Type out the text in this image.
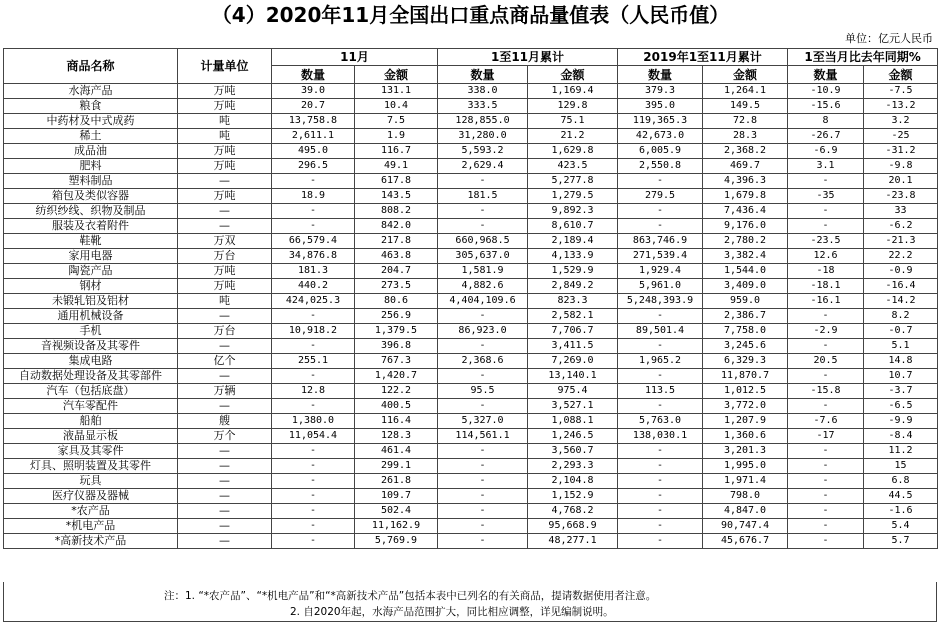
（4）2020年11月全国出口重点商品量值表（人民币值）
单位：亿元人民币
商品名称	计量单位	11月		1至11月累计		2019年1至11月累计		1至当月比去年同期%	
		数量	金额	数量	金额	数量	金额	数量	金额
水海产品	万吨	39.0	131.1	338.0	1,169.4	379.3	1,264.1	-10.9	-7.5
粮食	万吨	20.7	10.4	333.5	129.8	395.0	149.5	-15.6	-13.2
中药材及中式成药	吨	13,758.8	7.5	128,855.0	75.1	119,365.3	72.8	8	3.2
稀土	吨	2,611.1	1.9	31,280.0	21.2	42,673.0	28.3	-26.7	-25
成品油	万吨	495.0	116.7	5,593.2	1,629.8	6,005.9	2,368.2	-6.9	-31.2
肥料	万吨	296.5	49.1	2,629.4	423.5	2,550.8	469.7	3.1	-9.8
塑料制品	—	-	617.8	-	5,277.8	-	4,396.3	-	20.1
箱包及类似容器	万吨	18.9	143.5	181.5	1,279.5	279.5	1,679.8	-35	-23.8
纺织纱线、织物及制品	—	-	808.2	-	9,892.3	-	7,436.4	-	33
服装及衣着附件	—	-	842.0	-	8,610.7	-	9,176.0	-	-6.2
鞋靴	万双	66,579.4	217.8	660,968.5	2,189.4	863,746.9	2,780.2	-23.5	-21.3
家用电器	万台	34,876.8	463.8	305,637.0	4,133.9	271,539.4	3,382.4	12.6	22.2
陶瓷产品	万吨	181.3	204.7	1,581.9	1,529.9	1,929.4	1,544.0	-18	-0.9
钢材	万吨	440.2	273.5	4,882.6	2,849.2	5,961.0	3,409.0	-18.1	-16.4
未锻轧铝及铝材	吨	424,025.3	80.6	4,404,109.6	823.3	5,248,393.9	959.0	-16.1	-14.2
通用机械设备	—	-	256.9	-	2,582.1	-	2,386.7	-	8.2
手机	万台	10,918.2	1,379.5	86,923.0	7,706.7	89,501.4	7,758.0	-2.9	-0.7
音视频设备及其零件	—	-	396.8	-	3,411.5	-	3,245.6	-	5.1
集成电路	亿个	255.1	767.3	2,368.6	7,269.0	1,965.2	6,329.3	20.5	14.8
自动数据处理设备及其零部件	—	-	1,420.7	-	13,140.1	-	11,870.7	-	10.7
汽车（包括底盘）	万辆	12.8	122.2	95.5	975.4	113.5	1,012.5	-15.8	-3.7
汽车零配件	—	-	400.5	-	3,527.1	-	3,772.0	-	-6.5
船舶	艘	1,380.0	116.4	5,327.0	1,088.1	5,763.0	1,207.9	-7.6	-9.9
液晶显示板	万个	11,054.4	128.3	114,561.1	1,246.5	138,030.1	1,360.6	-17	-8.4
家具及其零件	—	-	461.4	-	3,560.7	-	3,201.3	-	11.2
灯具、照明装置及其零件	—	-	299.1	-	2,293.3	-	1,995.0	-	15
玩具	—	-	261.8	-	2,104.8	-	1,971.4	-	6.8
医疗仪器及器械	—	-	109.7	-	1,152.9	-	798.0	-	44.5
*农产品	—	-	502.4	-	4,768.2	-	4,847.0	-	-1.6
*机电产品	—	-	11,162.9	-	95,668.9	-	90,747.4	-	5.4
*高新技术产品	—	-	5,769.9	-	48,277.1	-	45,676.7	-	5.7
注：1. “*农产品”、“*机电产品”和“*高新技术产品”包括本表中已列名的有关商品，提请数据使用者注意。
2. 自2020年起，水海产品范围扩大，同比相应调整，详见编制说明。
